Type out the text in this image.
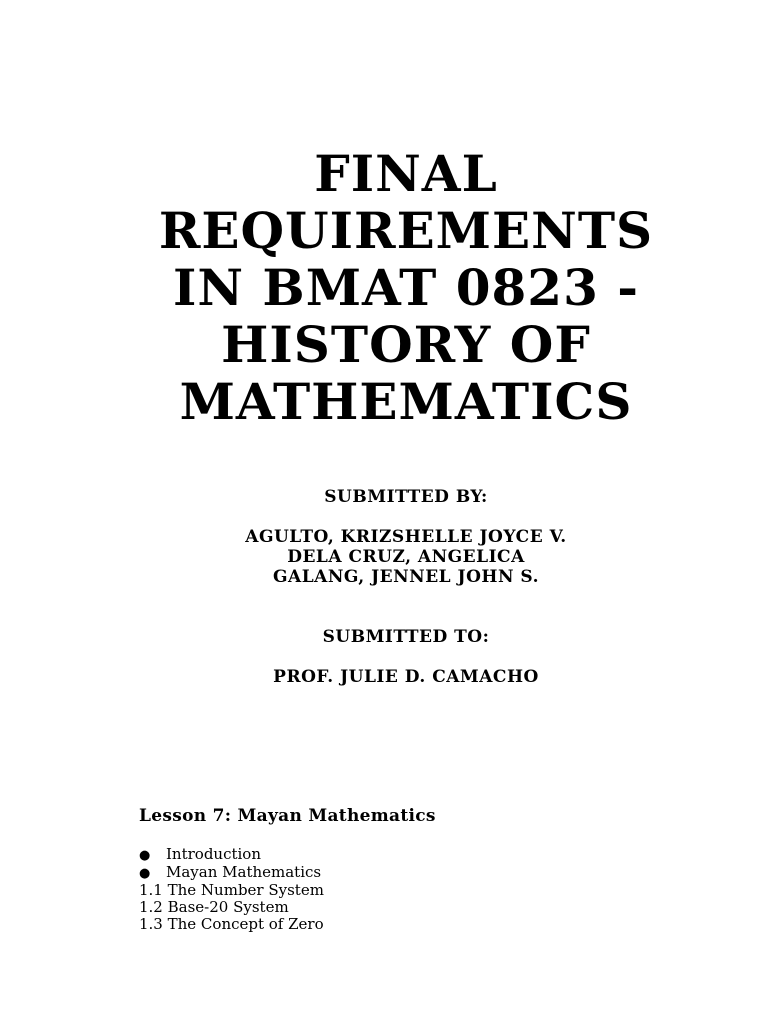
FINAL
REQUIREMENTS
IN BMAT 0823 -
HISTORY OF
MATHEMATICS
SUBMITTED BY:
AGULTO, KRIZSHELLE JOYCE V.
DELA CRUZ, ANGELICA
GALANG, JENNEL JOHN S.
SUBMITTED TO:
PROF. JULIE D. CAMACHO

Lesson 7: Mayan Mathematics

● Introduction
● Mayan Mathematics
1.1 The Number System
1.2 Base-20 System
1.3 The Concept of Zero
